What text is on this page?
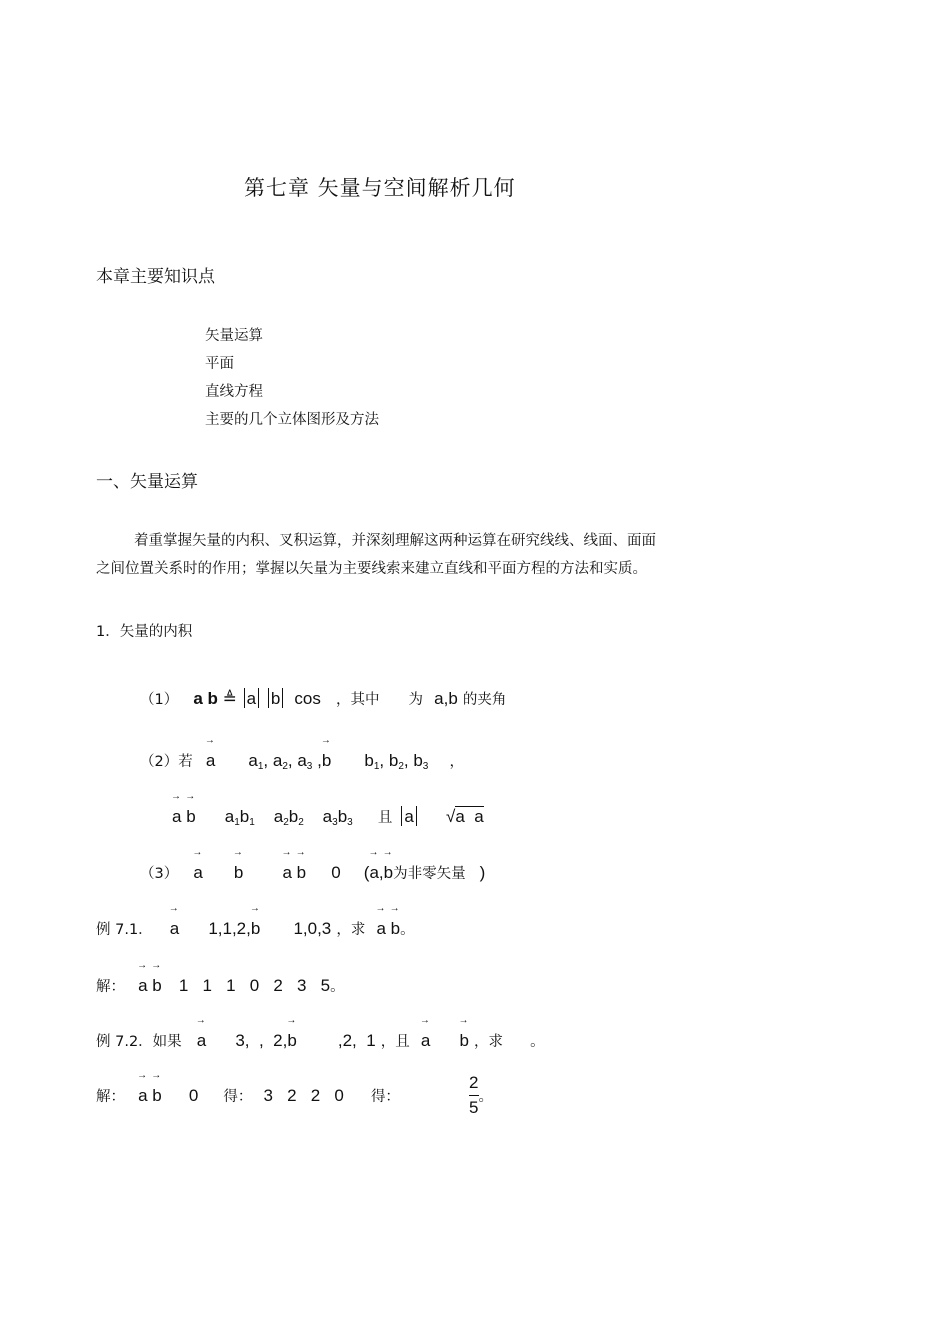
第七章 矢量与空间解析几何
本章主要知识点
矢量运算
平面
直线方程
主要的几个立体图形及方法
一、矢量运算
着重掌握矢量的内积、叉积运算，并深刻理解这两种运算在研究线线、线面、面面
之间位置关系时的作用；掌握以矢量为主要线索来建立直线和平面方程的方法和实质。
1．矢量的内积
（1） a b ≜ a b cos ，其中 为 a,b 的夹角
（2）若 → a $a_1$, $a_2$, $a_3$ ,→ b $b_1$, $b_2$, $b_3$ ，
→ a → b $a_1b_1$    $a_2b_2$    $a_3b_3$ 且 a √a  a
（3） → a → b → a → b 0 (→ a,→ b为非零矢量 )
例 7.1． → a 1,1,2,→ b 1,0,3 ，求 → a → b。
解： → a → b 1   1   1   0   2   3   5。
例 7.2．如果 → a 3,  ,  2,→ b ,2,  1 ，且 → a → b ，求 。
解： → a → b 0 得： 3   2   2   0 得：	$\frac{2}{5}$ 。
